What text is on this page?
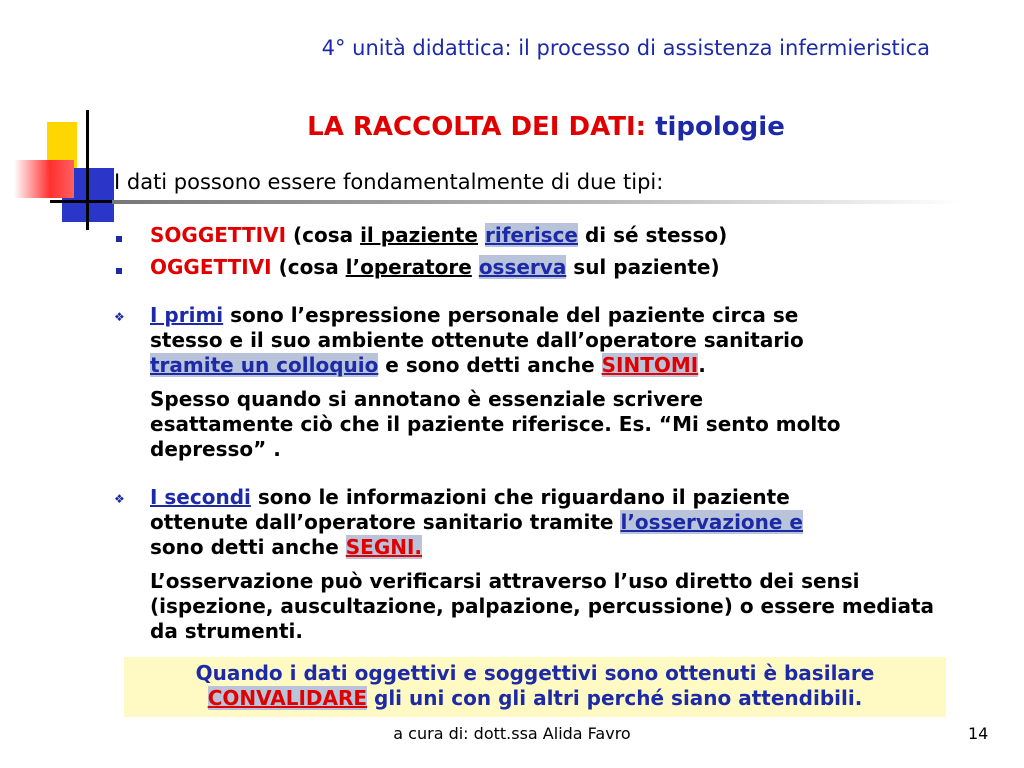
4° unità didattica: il processo di assistenza infermieristica
LA RACCOLTA DEI DATI: tipologie
I dati possono essere fondamentalmente di due tipi:
SOGGETTIVI (cosa il paziente riferisce di sé stesso)
OGGETTIVI (cosa l’operatore osserva sul paziente)
❖ I primi sono l’espressione personale del paziente circa se
stesso e il suo ambiente ottenute dall’operatore sanitario
tramite un colloquio e sono detti anche SINTOMI.
Spesso quando si annotano è essenziale scrivere esattamente ciò che il paziente riferisce. Es. “Mi sento molto depresso” .
❖ I secondi sono le informazioni che riguardano il paziente
ottenute dall’operatore sanitario tramite l’osservazione e
sono detti anche SEGNI.
L’osservazione può verificarsi attraverso l’uso diretto dei sensi (ispezione, auscultazione, palpazione, percussione) o essere mediata da strumenti.
Quando i dati oggettivi e soggettivi sono ottenuti è basilare
CONVALIDARE gli uni con gli altri perché siano attendibili.
a cura di: dott.ssa Alida Favro	14
